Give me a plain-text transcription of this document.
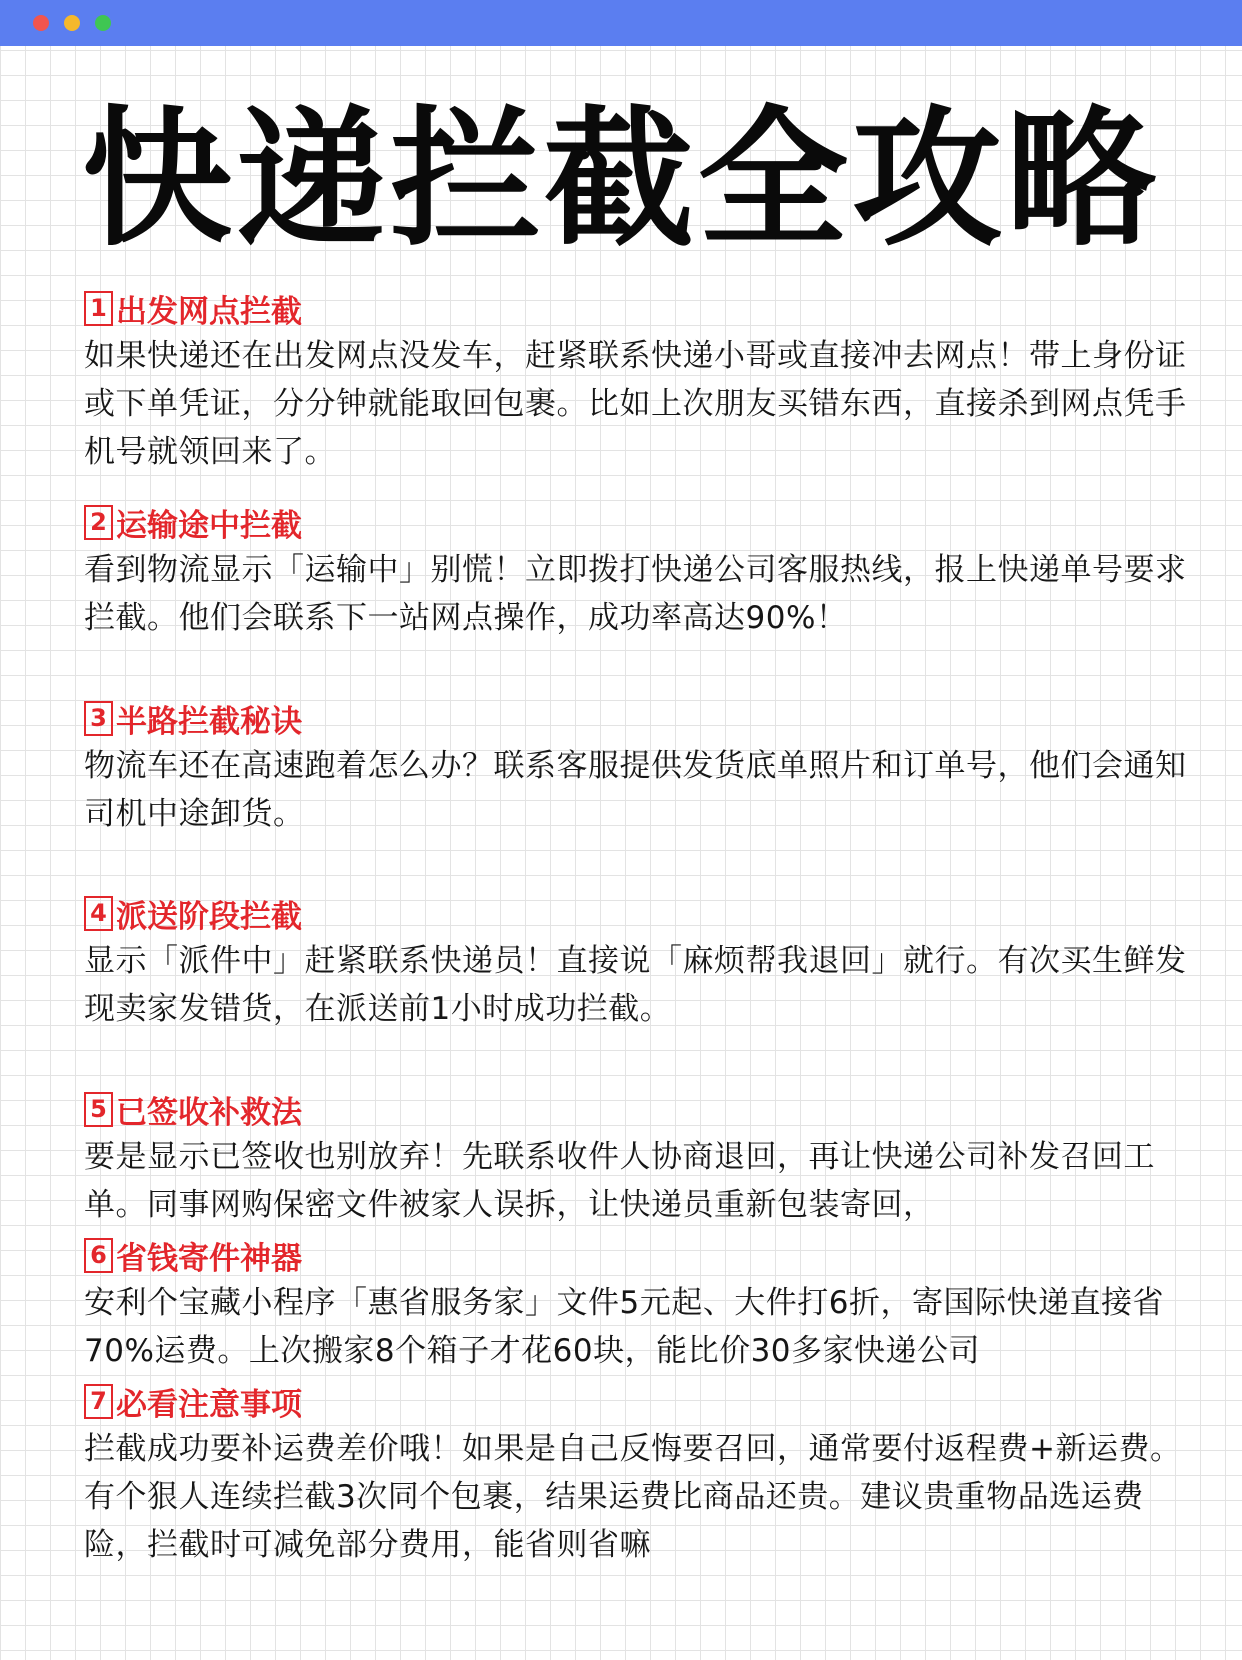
快递拦截全攻略
1 出发网点拦截

如果快递还在出发网点没发车，赶紧联系快递小哥或直接冲去网点！带上身份证或下单凭证，分分钟就能取回包裹。比如上次朋友买错东西，直接杀到网点凭手机号就领回来了。

2 运输途中拦截

看到物流显示「运输中」别慌！立即拨打快递公司客服热线，报上快递单号要求拦截。他们会联系下一站网点操作，成功率高达90%！

3 半路拦截秘诀

物流车还在高速跑着怎么办？联系客服提供发货底单照片和订单号，他们会通知司机中途卸货。

4 派送阶段拦截

显示「派件中」赶紧联系快递员！直接说「麻烦帮我退回」就行。有次买生鲜发现卖家发错货，在派送前1小时成功拦截。

5 已签收补救法

要是显示已签收也别放弃！先联系收件人协商退回，再让快递公司补发召回工单。同事网购保密文件被家人误拆，让快递员重新包装寄回，

6 省钱寄件神器

安利个宝藏小程序「惠省服务家」文件5元起、大件打6折，寄国际快递直接省70%运费。上次搬家8个箱子才花60块，能比价30多家快递公司

7 必看注意事项

拦截成功要补运费差价哦！如果是自己反悔要召回，通常要付返程费+新运费。有个狠人连续拦截3次同个包裹，结果运费比商品还贵。建议贵重物品选运费险，拦截时可减免部分费用，能省则省嘛
